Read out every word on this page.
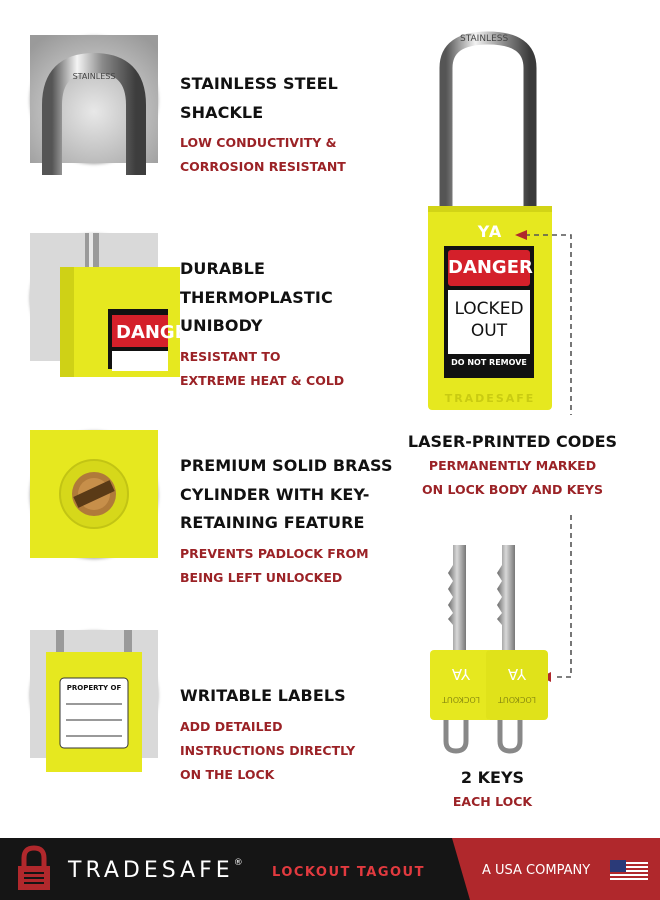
STAINLESS	STAINLESS STEEL SHACKLE

LOW CONDUCTIVITY & CORROSION RESISTANT

DANGER
DURABLE THERMOPLASTIC UNIBODY

RESISTANT TO EXTREME HEAT & COLD

PREMIUM SOLID BRASS CYLINDER WITH KEY-RETAINING FEATURE

PREVENTS PADLOCK FROM BEING LEFT UNLOCKED

PROPERTY OF	WRITABLE LABELS

ADD DETAILED INSTRUCTIONS DIRECTLY ON THE LOCK

STAINLESS
YA
DANGER
LOCKED
OUT
DO NOT REMOVE
TRADESAFE
LASER-PRINTED CODES

PERMANENTLY MARKED

ON LOCK BODY AND KEYS

YA	YA
LOCKOUT	LOCKOUT
2 KEYS

EACH LOCK

TRADESAFE®
LOCKOUT TAGOUT	A USA COMPANY
